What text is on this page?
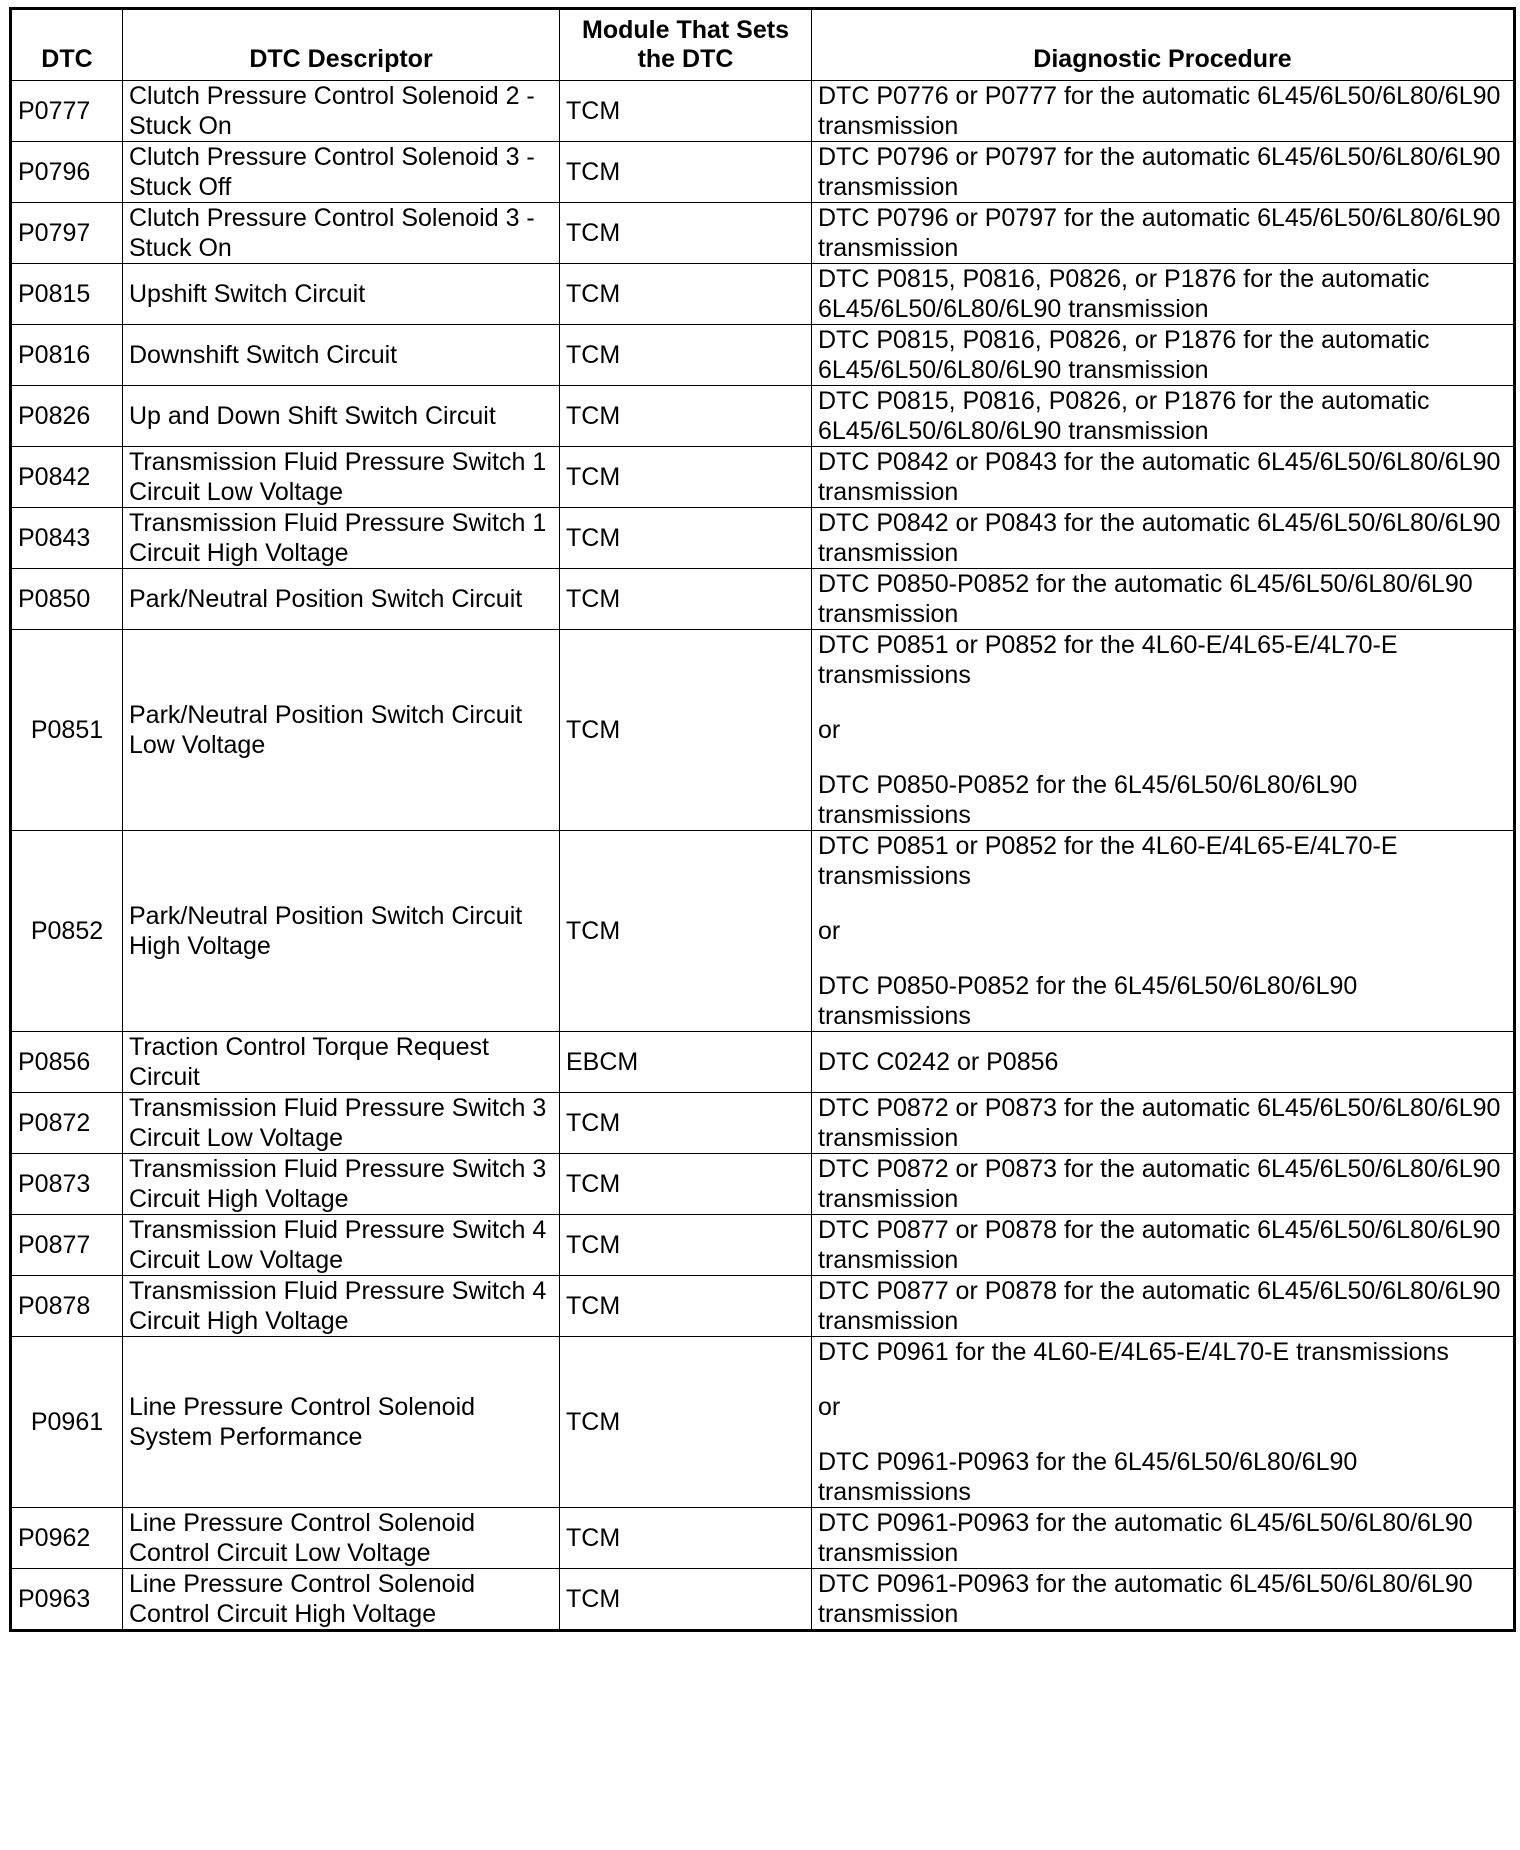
DTC	DTC Descriptor	Module That Sets the DTC	Diagnostic Procedure
P0777	Clutch Pressure Control Solenoid 2 - Stuck On	TCM	DTC P0776 or P0777 for the automatic 6L45/6L50/6L80/6L90 transmission

P0796	Clutch Pressure Control Solenoid 3 - Stuck Off	TCM	DTC P0796 or P0797 for the automatic 6L45/6L50/6L80/6L90 transmission

P0797	Clutch Pressure Control Solenoid 3 - Stuck On	TCM	DTC P0796 or P0797 for the automatic 6L45/6L50/6L80/6L90 transmission

P0815	Upshift Switch Circuit	TCM	DTC P0815, P0816, P0826, or P1876 for the automatic 6L45/6L50/6L80/6L90 transmission

P0816	Downshift Switch Circuit	TCM	DTC P0815, P0816, P0826, or P1876 for the automatic 6L45/6L50/6L80/6L90 transmission

P0826	Up and Down Shift Switch Circuit	TCM	DTC P0815, P0816, P0826, or P1876 for the automatic 6L45/6L50/6L80/6L90 transmission

P0842	Transmission Fluid Pressure Switch 1 Circuit Low Voltage	TCM	DTC P0842 or P0843 for the automatic 6L45/6L50/6L80/6L90 transmission

P0843	Transmission Fluid Pressure Switch 1 Circuit High Voltage	TCM	DTC P0842 or P0843 for the automatic 6L45/6L50/6L80/6L90 transmission

P0850	Park/Neutral Position Switch Circuit	TCM	DTC P0850-P0852 for the automatic 6L45/6L50/6L80/6L90 transmission

P0851	Park/Neutral Position Switch Circuit Low Voltage	TCM	DTC P0851 or P0852 for the 4L60-E/4L65-E/4L70-E transmissions
or
DTC P0850-P0852 for the 6L45/6L50/6L80/6L90 transmissions

P0852	Park/Neutral Position Switch Circuit High Voltage	TCM	DTC P0851 or P0852 for the 4L60-E/4L65-E/4L70-E transmissions
or
DTC P0850-P0852 for the 6L45/6L50/6L80/6L90 transmissions

P0856	Traction Control Torque Request Circuit	EBCM	DTC C0242 or P0856

P0872	Transmission Fluid Pressure Switch 3 Circuit Low Voltage	TCM	DTC P0872 or P0873 for the automatic 6L45/6L50/6L80/6L90 transmission

P0873	Transmission Fluid Pressure Switch 3 Circuit High Voltage	TCM	DTC P0872 or P0873 for the automatic 6L45/6L50/6L80/6L90 transmission

P0877	Transmission Fluid Pressure Switch 4 Circuit Low Voltage	TCM	DTC P0877 or P0878 for the automatic 6L45/6L50/6L80/6L90 transmission

P0878	Transmission Fluid Pressure Switch 4 Circuit High Voltage	TCM	DTC P0877 or P0878 for the automatic 6L45/6L50/6L80/6L90 transmission

P0961	Line Pressure Control Solenoid System Performance	TCM	DTC P0961 for the 4L60-E/4L65-E/4L70-E transmissions
or
DTC P0961-P0963 for the 6L45/6L50/6L80/6L90 transmissions

P0962	Line Pressure Control Solenoid Control Circuit Low Voltage	TCM	DTC P0961-P0963 for the automatic 6L45/6L50/6L80/6L90 transmission

P0963	Line Pressure Control Solenoid Control Circuit High Voltage	TCM	DTC P0961-P0963 for the automatic 6L45/6L50/6L80/6L90 transmission
